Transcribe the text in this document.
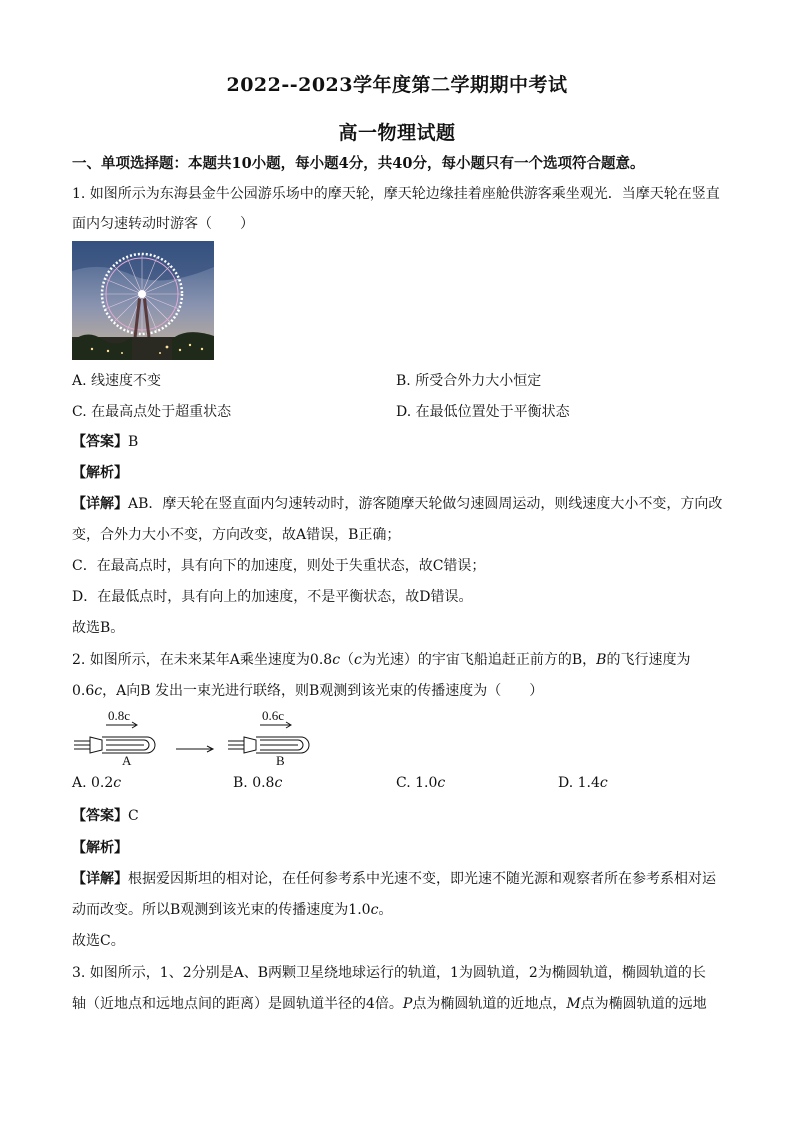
2022--2023学年度第二学期期中考试
高一物理试题
一、单项选择题：本题共10小题，每小题4分，共40分，每小题只有一个选项符合题意。
1. 如图所示为东海县金牛公园游乐场中的摩天轮，摩天轮边缘挂着座舱供游客乘坐观光．当摩天轮在竖直
面内匀速转动时游客（　　）
A. 线速度不变	B. 所受合外力大小恒定
C. 在最高点处于超重状态	D. 在最低位置处于平衡状态
【答案】B
【解析】
【详解】AB．摩天轮在竖直面内匀速转动时，游客随摩天轮做匀速圆周运动，则线速度大小不变，方向改
变，合外力大小不变，方向改变，故A错误，B正确；
C．在最高点时，具有向下的加速度，则处于失重状态，故C错误；
D．在最低点时，具有向上的加速度，不是平衡状态，故D错误。
故选B。
2. 如图所示，在未来某年A乘坐速度为0.8c（c为光速）的宇宙飞船追赶正前方的B，B的飞行速度为
0.6c，A向B 发出一束光进行联络，则B观测到该光束的传播速度为（　　）
0.8c
A
0.6c
B
A. 0.2c	B. 0.8c	C. 1.0c	D. 1.4c
【答案】C
【解析】
【详解】根据爱因斯坦的相对论，在任何参考系中光速不变，即光速不随光源和观察者所在参考系相对运
动而改变。所以B观测到该光束的传播速度为1.0c。
故选C。
3. 如图所示，1、2分别是A、B两颗卫星绕地球运行的轨道，1为圆轨道，2为椭圆轨道，椭圆轨道的长
轴（近地点和远地点间的距离）是圆轨道半径的4倍。P点为椭圆轨道的近地点，M点为椭圆轨道的远地
